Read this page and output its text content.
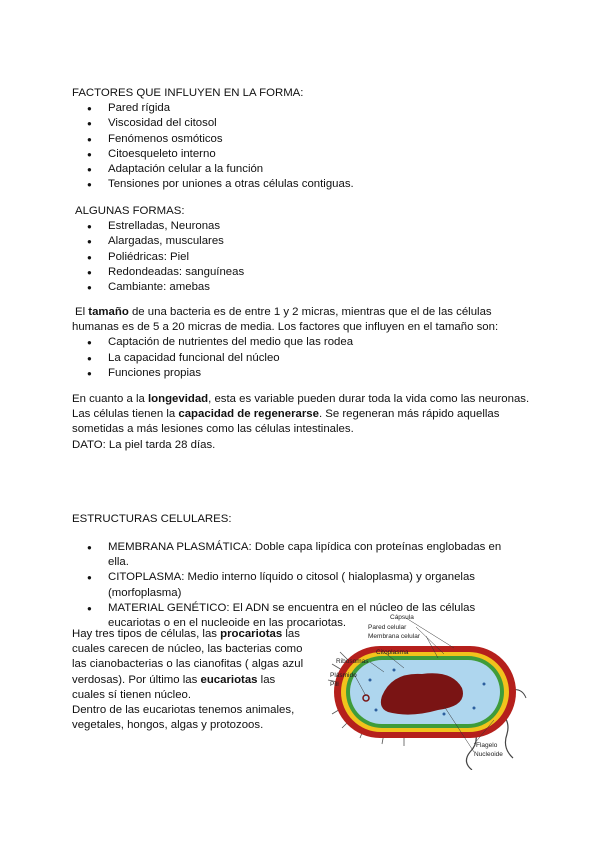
FACTORES QUE INFLUYEN EN LA FORMA:

● Pared rígida
● Viscosidad del citosol
● Fenómenos osmóticos
● Citoesqueleto interno
● Adaptación celular a la función
● Tensiones por uniones a otras células contiguas.

ALGUNAS FORMAS:

● Estrelladas, Neuronas
● Alargadas, musculares
● Poliédricas: Piel
● Redondeadas: sanguíneas
● Cambiante: amebas

El tamaño de una bacteria es de entre 1 y 2 micras, mientras que el de las células humanas es de 5 a 20 micras de media. Los factores que influyen en el tamaño son:

● Captación de nutrientes del medio que las rodea
● La capacidad funcional del núcleo
● Funciones propias

En cuanto a la longevidad, esta es variable pueden durar toda la vida como las neuronas. Las células tienen la capacidad de regenerarse. Se regeneran más rápido aquellas sometidas a más lesiones como las células intestinales.

DATO: La piel tarda 28 días.

ESTRUCTURAS CELULARES:

● MEMBRANA PLASMÁTICA: Doble capa lipídica con proteínas englobadas en ella.
● CITOPLASMA: Medio interno líquido o citosol ( hialoplasma) y organelas (morfoplasma)
● MATERIAL GENÉTICO: El ADN se encuentra en el núcleo de las células eucariotas o en el nucleoide en las procariotas.

Hay tres tipos de células, las procariotas las cuales carecen de núcleo, las bacterias como las cianobacterias o las cianofitas ( algas azul verdosas). Por último las eucariotas las cuales sí tienen núcleo.

Dentro de las eucariotas tenemos animales, vegetales, hongos, algas y protozoos.

Cápsula
Pared celular
Membrana celular
Citoplasma
Ribosomas
Plásmido
Pili
Flagelo
Nucleoide
